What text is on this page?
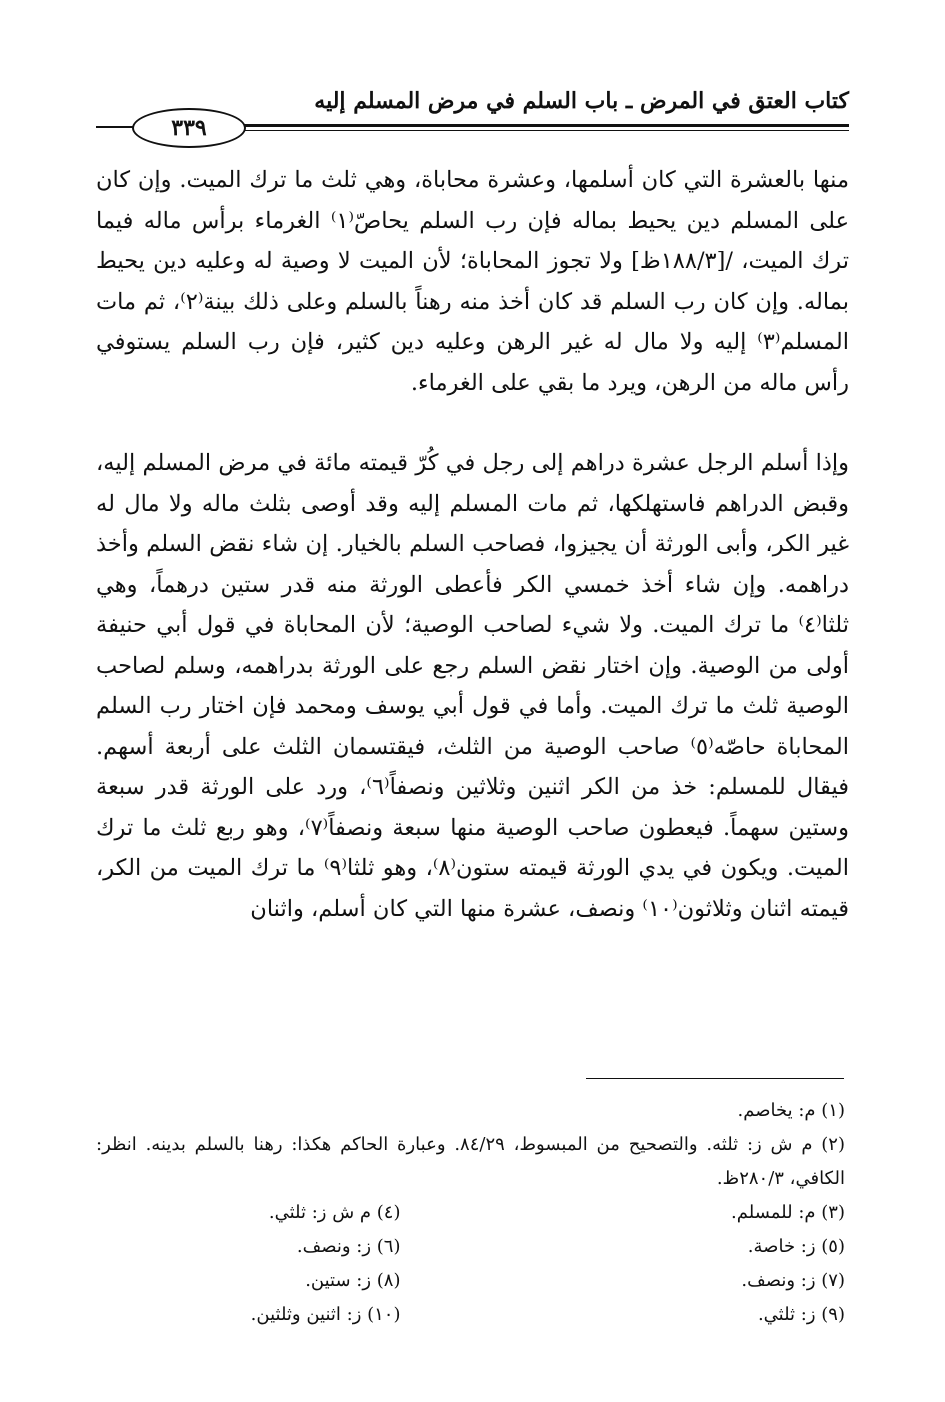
كتاب العتق في المرض ـ باب السلم في مرض المسلم إليه
٣٣٩

منها بالعشرة التي كان أسلمها، وعشرة محاباة، وهي ثلث ما ترك الميت. وإن كان على المسلم دين يحيط بماله فإن رب السلم يحاصّ⁽١⁾ الغرماء برأس ماله فيما ترك الميت، /[١٨٨/٣ظ] ولا تجوز المحاباة؛ لأن الميت لا وصية له وعليه دين يحيط بماله. وإن كان رب السلم قد كان أخذ منه رهناً بالسلم وعلى ذلك بينة⁽٢⁾، ثم مات المسلم⁽٣⁾ إليه ولا مال له غير الرهن وعليه دين كثير، فإن رب السلم يستوفي رأس ماله من الرهن، ويرد ما بقي على الغرماء.

وإذا أسلم الرجل عشرة دراهم إلى رجل في كُرّ قيمته مائة في مرض المسلم إليه، وقبض الدراهم فاستهلكها، ثم مات المسلم إليه وقد أوصى بثلث ماله ولا مال له غير الكر، وأبى الورثة أن يجيزوا، فصاحب السلم بالخيار. إن شاء نقض السلم وأخذ دراهمه. وإن شاء أخذ خمسي الكر فأعطى الورثة منه قدر ستين درهماً، وهي ثلثا⁽٤⁾ ما ترك الميت. ولا شيء لصاحب الوصية؛ لأن المحاباة في قول أبي حنيفة أولى من الوصية. وإن اختار نقض السلم رجع على الورثة بدراهمه، وسلم لصاحب الوصية ثلث ما ترك الميت. وأما في قول أبي يوسف ومحمد فإن اختار رب السلم المحاباة حاصّه⁽٥⁾ صاحب الوصية من الثلث، فيقتسمان الثلث على أربعة أسهم. فيقال للمسلم: خذ من الكر اثنين وثلاثين ونصفاً⁽٦⁾، ورد على الورثة قدر سبعة وستين سهماً. فيعطون صاحب الوصية منها سبعة ونصفاً⁽٧⁾، وهو ربع ثلث ما ترك الميت. ويكون في يدي الورثة قيمته ستون⁽٨⁾، وهو ثلثا⁽٩⁾ ما ترك الميت من الكر، قيمته اثنان وثلاثون⁽١٠⁾ ونصف، عشرة منها التي كان أسلم، واثنان

(١) م: يخاصم.

(٢) م ش ز: ثلثه. والتصحيح من المبسوط، ٨٤/٢٩. وعبارة الحاكم هكذا: رهنا بالسلم بدينه. انظر: الكافي، ٢٨٠/٣ظ.

(٣) م: للمسلم.
(٤) م ش ز: ثلثي.
(٥) ز: خاصة.
(٦) ز: ونصف.
(٧) ز: ونصف.
(٨) ز: ستين.
(٩) ز: ثلثي.
(١٠) ز: اثنين وثلثين.
